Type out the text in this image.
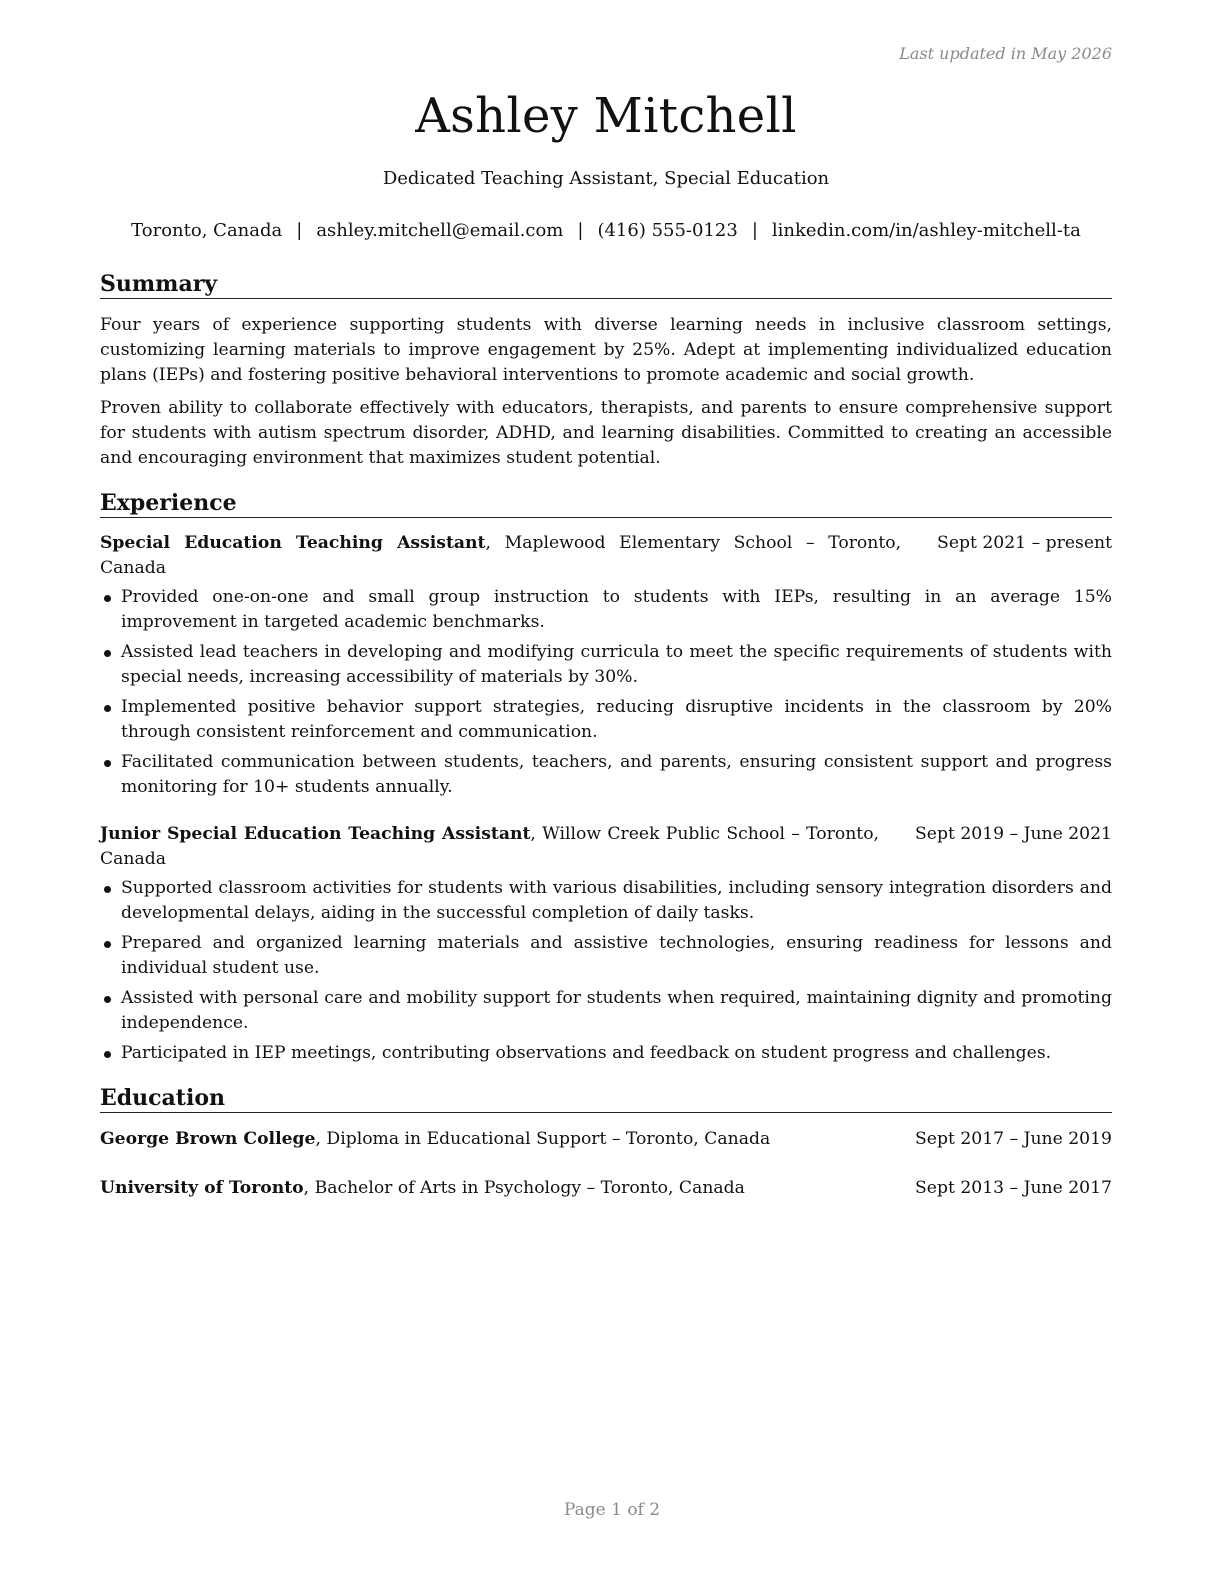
Last updated in May 2026
Ashley Mitchell
Dedicated Teaching Assistant, Special Education
Toronto, Canada | ashley.mitchell@email.com | (416) 555-0123 | linkedin.com/in/ashley-mitchell-ta
Summary

Four years of experience supporting students with diverse learning needs in inclusive classroom settings, customizing learning materials to improve engagement by 25%. Adept at implementing individualized education plans (IEPs) and fostering positive behavioral interventions to promote academic and social growth.

Proven ability to collaborate effectively with educators, therapists, and parents to ensure comprehensive support for students with autism spectrum disorder, ADHD, and learning disabilities. Committed to creating an accessible and encouraging environment that maximizes student potential.

Experience
Special Education Teaching Assistant, Maplewood Elementary School – Toronto, Canada
Sept 2021 – present
Provided one-on-one and small group instruction to students with IEPs, resulting in an average 15% improvement in targeted academic benchmarks.
Assisted lead teachers in developing and modifying curricula to meet the specific requirements of students with special needs, increasing accessibility of materials by 30%.
Implemented positive behavior support strategies, reducing disruptive incidents in the classroom by 20% through consistent reinforcement and communication.
Facilitated communication between students, teachers, and parents, ensuring consistent support and progress monitoring for 10+ students annually.
Junior Special Education Teaching Assistant, Willow Creek Public School – Toronto, Canada
Sept 2019 – June 2021
Supported classroom activities for students with various disabilities, including sensory integration disorders and developmental delays, aiding in the successful completion of daily tasks.
Prepared and organized learning materials and assistive technologies, ensuring readiness for lessons and individual student use.
Assisted with personal care and mobility support for students when required, maintaining dignity and promoting independence.
Participated in IEP meetings, contributing observations and feedback on student progress and challenges.
Education
George Brown College, Diploma in Educational Support – Toronto, Canada	Sept 2017 – June 2019
University of Toronto, Bachelor of Arts in Psychology – Toronto, Canada	Sept 2013 – June 2017
Page 1 of 2
